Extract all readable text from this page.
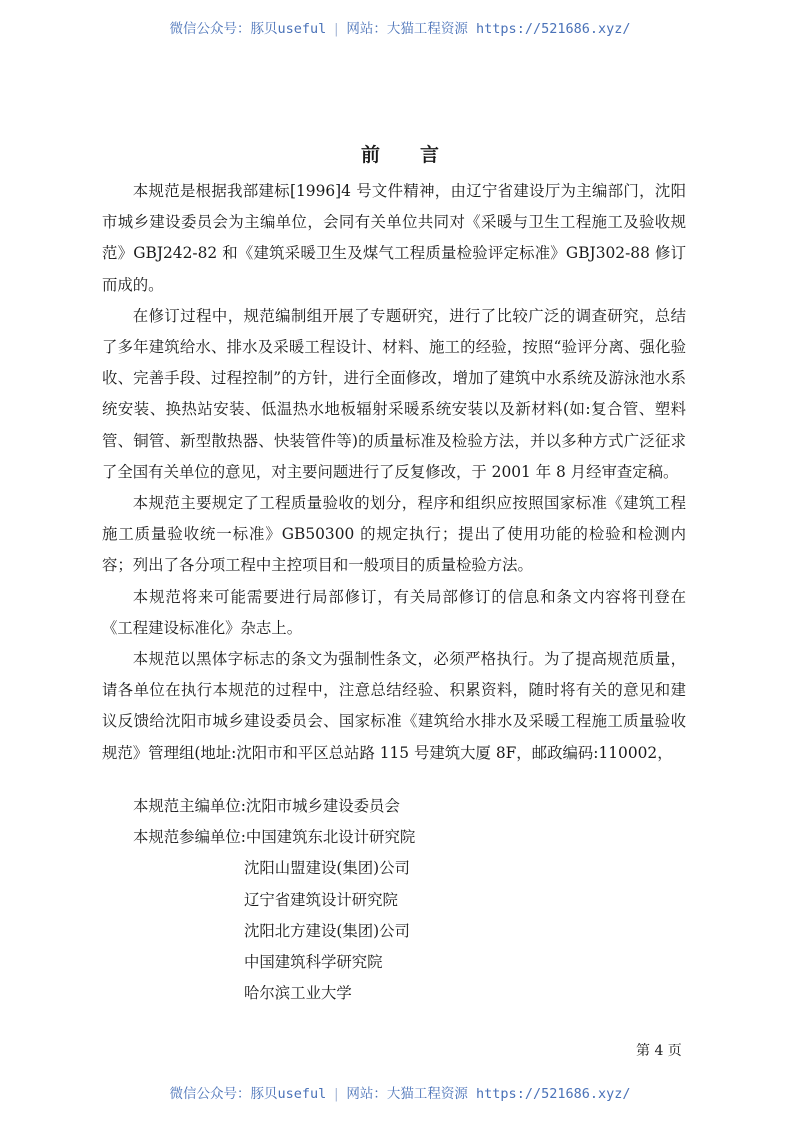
微信公众号：豚贝useful | 网站：大猫工程资源 https://521686.xyz/
前言

本规范是根据我部建标[1996]4 号文件精神，由辽宁省建设厅为主编部门，沈阳市城乡建设委员会为主编单位，会同有关单位共同对《采暖与卫生工程施工及验收规范》GBJ242-82 和《建筑采暖卫生及煤气工程质量检验评定标准》GBJ302-88 修订而成的。

在修订过程中，规范编制组开展了专题研究，进行了比较广泛的调查研究，总结了多年建筑给水、排水及采暖工程设计、材料、施工的经验，按照“验评分离、强化验收、完善手段、过程控制”的方针，进行全面修改，增加了建筑中水系统及游泳池水系统安装、换热站安装、低温热水地板辐射采暖系统安装以及新材料(如:复合管、塑料管、铜管、新型散热器、快装管件等)的质量标准及检验方法，并以多种方式广泛征求了全国有关单位的意见，对主要问题进行了反复修改，于 2001 年 8 月经审查定稿。

本规范主要规定了工程质量验收的划分，程序和组织应按照国家标准《建筑工程施工质量验收统一标准》GB50300 的规定执行；提出了使用功能的检验和检测内容；列出了各分项工程中主控项目和一般项目的质量检验方法。

本规范将来可能需要进行局部修订，有关局部修订的信息和条文内容将刊登在《工程建设标准化》杂志上。

本规范以黑体字标志的条文为强制性条文，必须严格执行。为了提高规范质量，请各单位在执行本规范的过程中，注意总结经验、积累资料，随时将有关的意见和建议反馈给沈阳市城乡建设委员会、国家标准《建筑给水排水及采暖工程施工质量验收规范》管理组(地址:沈阳市和平区总站路 115 号建筑大厦 8F，邮政编码:110002，

本规范主编单位:沈阳市城乡建设委员会
本规范参编单位:中国建筑东北设计研究院
沈阳山盟建设(集团)公司
辽宁省建筑设计研究院
沈阳北方建设(集团)公司
中国建筑科学研究院
哈尔滨工业大学
第 4 页
微信公众号：豚贝useful | 网站：大猫工程资源 https://521686.xyz/
